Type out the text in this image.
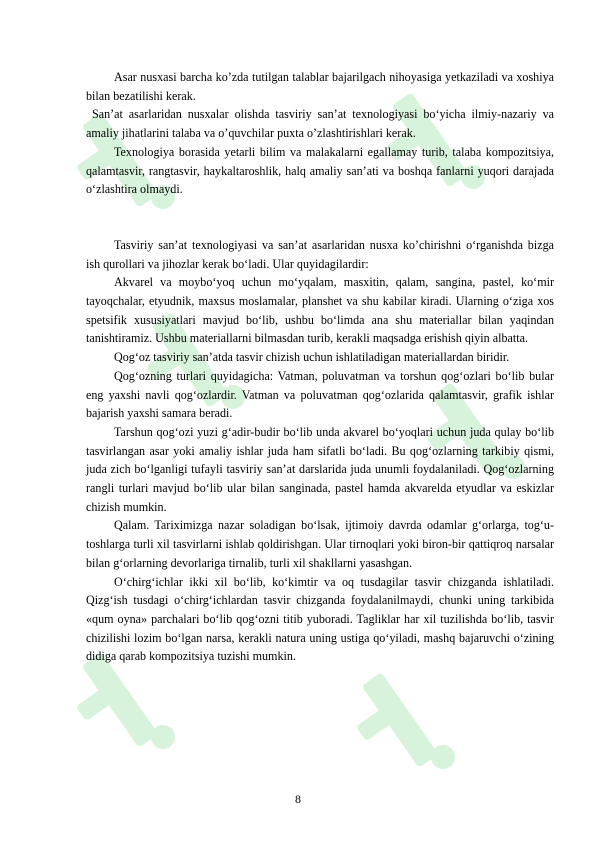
Asar nusxasi barcha ko’zda tutilgan talablar bajarilgach nihoyasiga yetkaziladi va xoshiya bilan bezatilishi kerak.

San’at asarlaridan nusxalar olishda tasviriy san’at texnologiyasi bo‘yicha ilmiy-nazariy va amaliy jihatlarini talaba va o’quvchilar puxta o’zlashtirishlari kerak.

Texnologiya borasida yetarli bilim va malakalarni egallamay turib, talaba kompozitsiya, qalamtasvir, rangtasvir, haykaltaroshlik, halq amaliy san’ati va boshqa fanlarni yuqori darajada o‘zlashtira olmaydi.

Tasviriy san’at texnologiyasi va san’at asarlaridan nusxa ko’chirishni o‘rganishda bizga ish qurollari va jihozlar kerak bo‘ladi. Ular quyidagilardir:

Akvarel va moybo‘yoq uchun mo‘yqalam, masxitin, qalam, sangina, pastel, ko‘mir tayoqchalar, etyudnik, maxsus moslamalar, planshet va shu kabilar kiradi. Ularning o‘ziga xos spetsifik xususiyatlari mavjud bo‘lib, ushbu bo‘limda ana shu materiallar bilan yaqindan tanishtiramiz. Ushbu materiallarni bilmasdan turib, kerakli maqsadga erishish qiyin albatta.

Qog‘oz tasviriy san’atda tasvir chizish uchun ishlatiladigan materiallardan biridir.

Qog‘ozning turlari quyidagicha: Vatman, poluvatman va torshun qog‘ozlari bo‘lib bular eng yaxshi navli qog‘ozlardir. Vatman va poluvatman qog‘ozlarida qalamtasvir, grafik ishlar bajarish yaxshi samara beradi.

Tarshun qog‘ozi yuzi g‘adir-budir bo‘lib unda akvarel bo‘yoqlari uchun juda qulay bo‘lib tasvirlangan asar yoki amaliy ishlar juda ham sifatli bo‘ladi. Bu qog‘ozlarning tarkibiy qismi, juda zich bo‘lganligi tufayli tasviriy san’at darslarida juda unumli foydalaniladi. Qog‘ozlarning rangli turlari mavjud bo‘lib ular bilan sanginada, pastel hamda akvarelda etyudlar va eskizlar chizish mumkin.

Qalam. Tariximizga nazar soladigan bo‘lsak, ijtimoiy davrda odamlar g‘orlarga, tog‘u-toshlarga turli xil tasvirlarni ishlab qoldirishgan. Ular tirnoqlari yoki biron-bir qattiqroq narsalar bilan g‘orlarning devorlariga tirnalib, turli xil shakllarni yasashgan.

O‘chirg‘ichlar ikki xil bo‘lib, ko‘kimtir va oq tusdagilar tasvir chizganda ishlatiladi. Qizg‘ish tusdagi o‘chirg‘ichlardan tasvir chizganda foydalanilmaydi, chunki uning tarkibida «qum oyna» parchalari bo‘lib qog‘ozni titib yuboradi. Tagliklar har xil tuzilishda bo‘lib, tasvir chizilishi lozim bo‘lgan narsa, kerakli natura uning ustiga qo‘yiladi, mashq bajaruvchi o‘zining didiga qarab kompozitsiya tuzishi mumkin.

8
